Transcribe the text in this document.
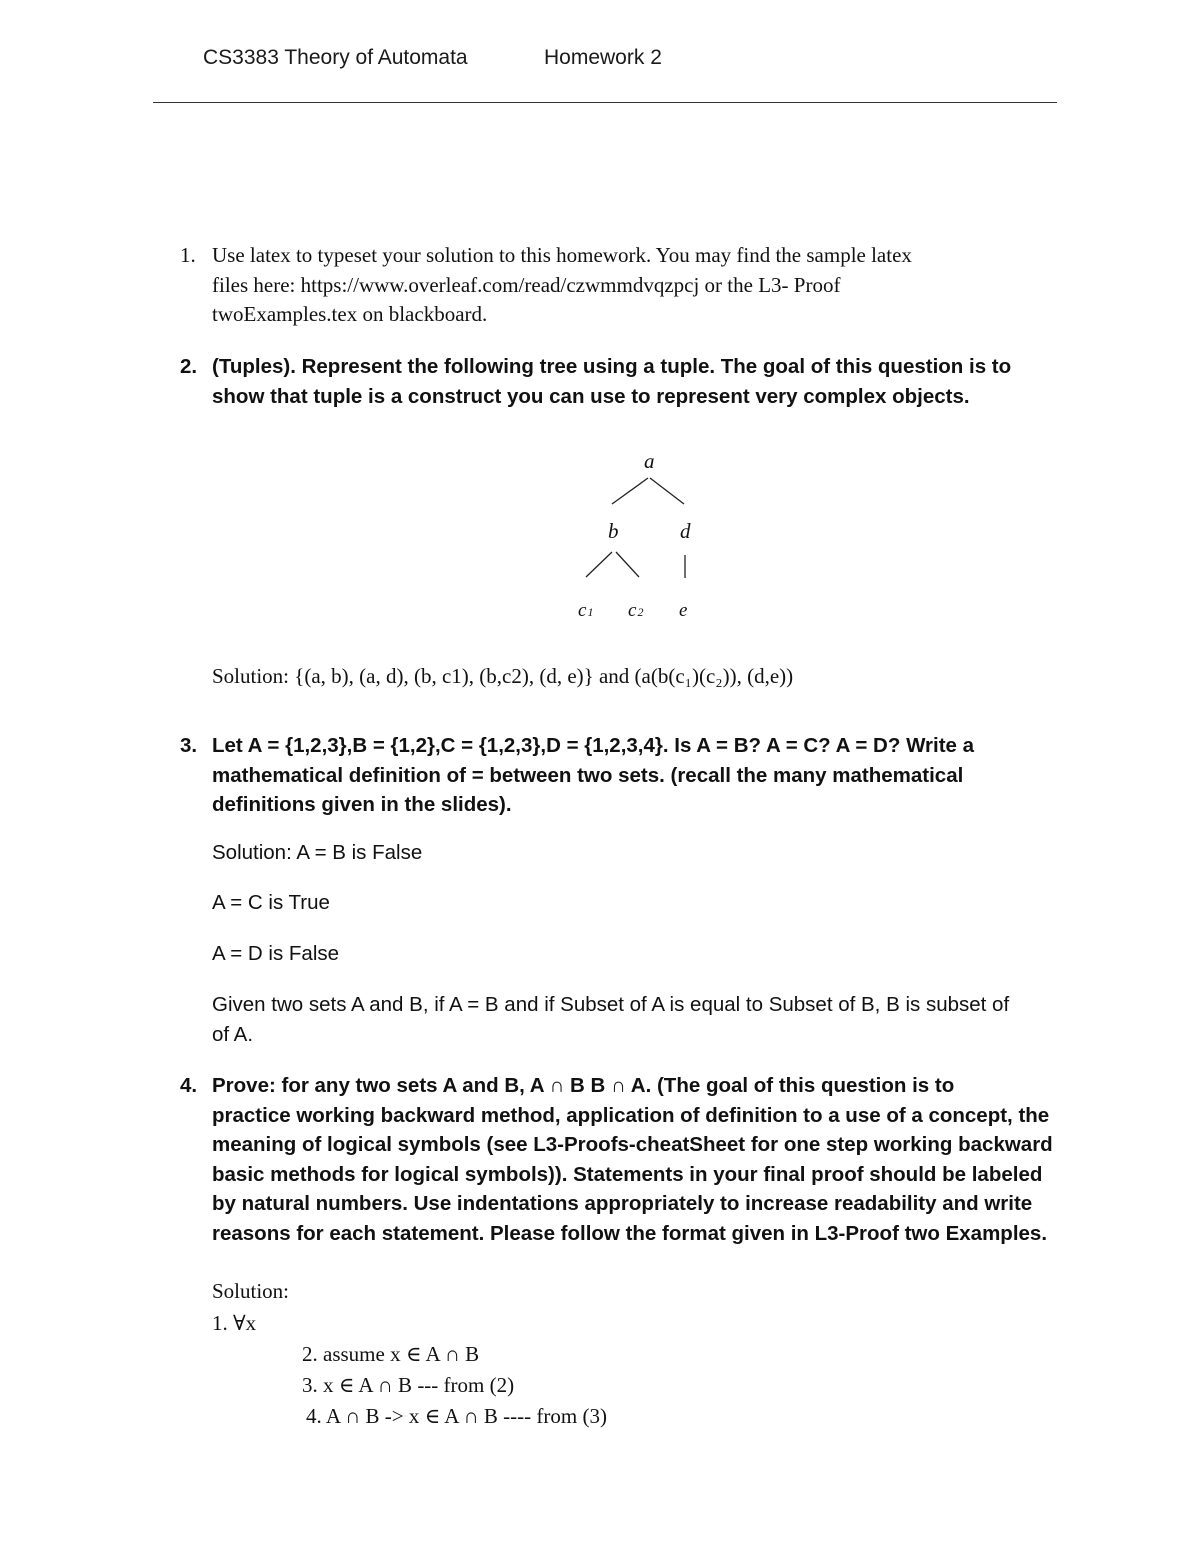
CS3383 Theory of Automata	Homework 2
1. Use latex to typeset your solution to this homework. You may find the sample latex
files here: https://www.overleaf.com/read/czwmmdvqzpcj or the L3- Proof
twoExamples.tex on blackboard.
2. (Tuples). Represent the following tree using a tuple. The goal of this question is to
show that tuple is a construct you can use to represent very complex objects.
a
b	d
c1 c2 e
Solution: {(a, b), (a, d), (b, c1), (b,c2), (d, e)} and (a(b(c₁)(c₂)), (d,e))
3. Let A = {1,2,3},B = {1,2},C = {1,2,3},D = {1,2,3,4}. Is A = B? A = C? A = D? Write a
mathematical definition of = between two sets. (recall the many mathematical
definitions given in the slides).
Solution: A = B is False
A = C is True
A = D is False
Given two sets A and B, if A = B and if Subset of A is equal to Subset of B, B is subset of
of A.
4. Prove: for any two sets A and B, A ∩ B B ∩ A. (The goal of this question is to
practice working backward method, application of definition to a use of a concept, the
meaning of logical symbols (see L3-Proofs-cheatSheet for one step working backward
basic methods for logical symbols)). Statements in your final proof should be labeled
by natural numbers. Use indentations appropriately to increase readability and write
reasons for each statement. Please follow the format given in L3-Proof two Examples.
Solution:
1. ∀x
2. assume x ∈ A ∩ B
3. x ∈ A ∩ B --- from (2)
4. A ∩ B -> x ∈ A ∩ B ---- from (3)
